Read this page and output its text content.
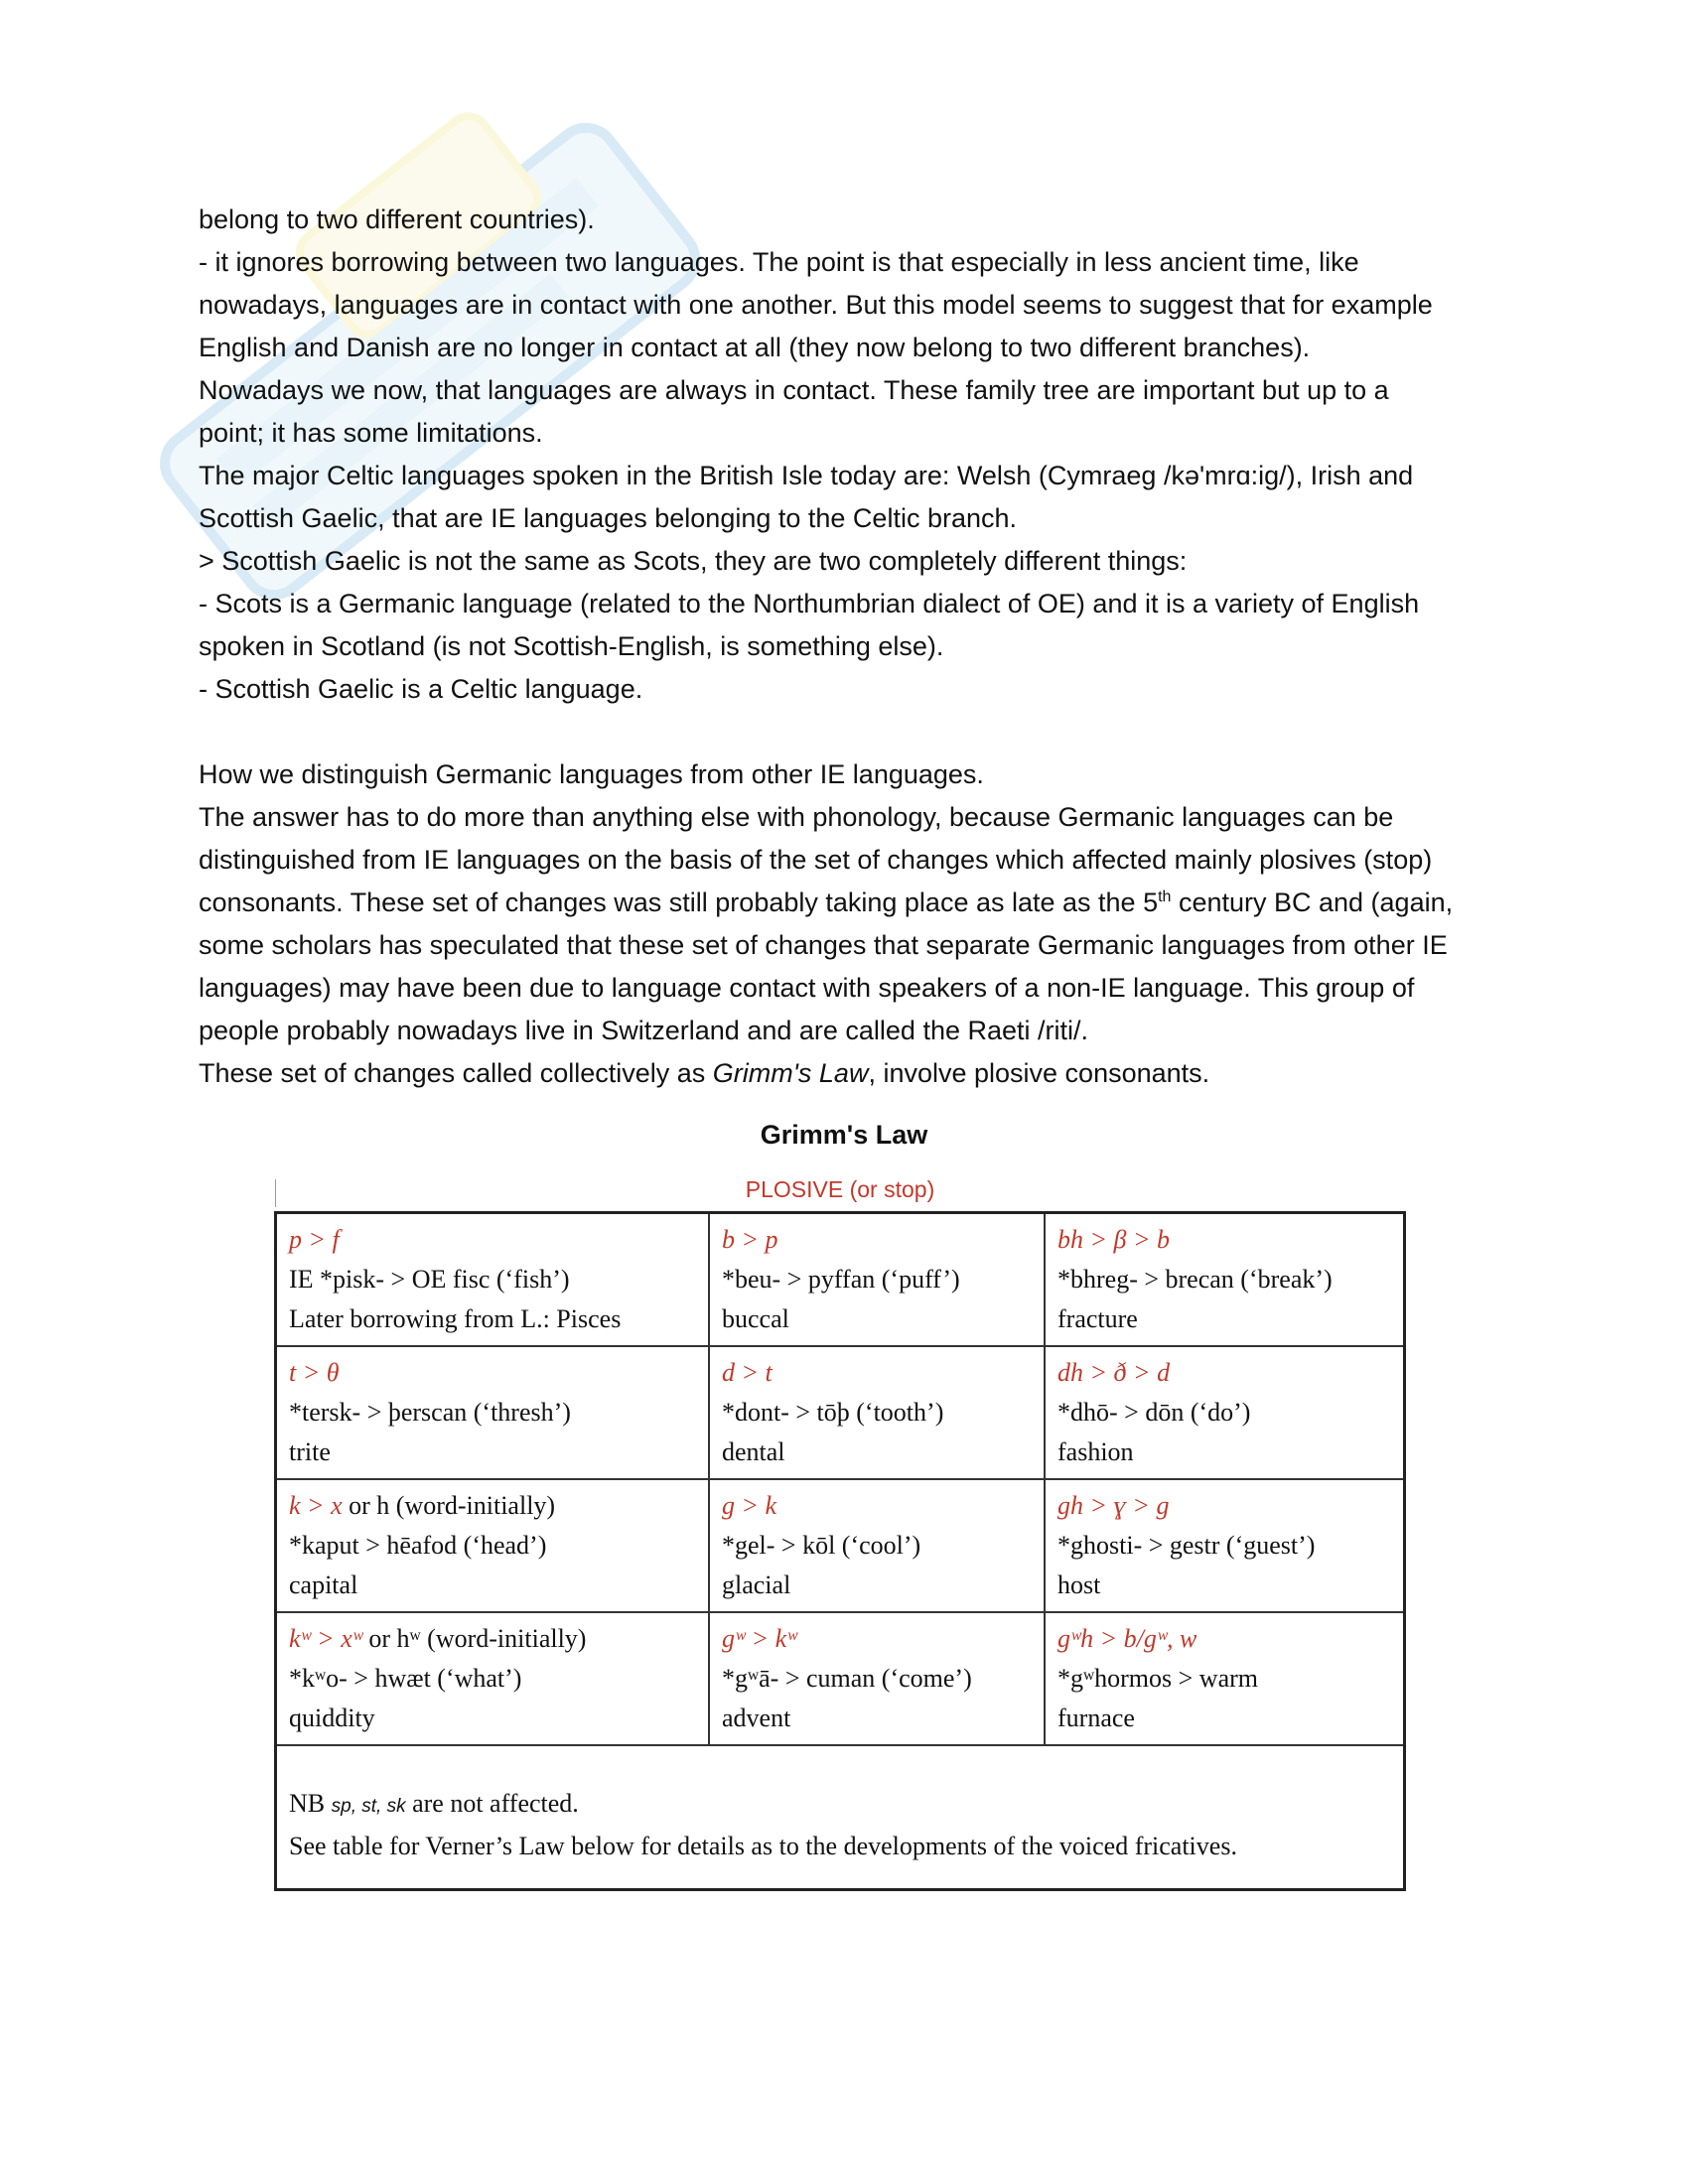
belong to two different countries).

- it ignores borrowing between two languages. The point is that especially in less ancient time, like

nowadays, languages are in contact with one another. But this model seems to suggest that for example

English and Danish are no longer in contact at all (they now belong to two different branches).

Nowadays we now, that languages are always in contact. These family tree are important but up to a

point; it has some limitations.

The major Celtic languages spoken in the British Isle today are: Welsh (Cymraeg /kə'mrɑ:ig/), Irish and

Scottish Gaelic, that are IE languages belonging to the Celtic branch.

> Scottish Gaelic is not the same as Scots, they are two completely different things:

- Scots is a Germanic language (related to the Northumbrian dialect of OE) and it is a variety of English

spoken in Scotland (is not Scottish-English, is something else).

- Scottish Gaelic is a Celtic language.

How we distinguish Germanic languages from other IE languages.

The answer has to do more than anything else with phonology, because Germanic languages can be

distinguished from IE languages on the basis of the set of changes which affected mainly plosives (stop)

consonants. These set of changes was still probably taking place as late as the 5th century BC and (again,

some scholars has speculated that these set of changes that separate Germanic languages from other IE

languages) may have been due to language contact with speakers of a non-IE language. This group of

people probably nowadays live in Switzerland and are called the Raeti /riti/.

These set of changes called collectively as Grimm's Law, involve plosive consonants.

Grimm's Law
PLOSIVE (or stop)
p > f
IE *pisk- > OE fisc (‘fish’)
Later borrowing from L.: Pisces	b > p
*beu- > pyffan (‘puff’)
buccal	bh > β > b
*bhreg- > brecan (‘break’)
fracture

t > θ
*tersk- > þerscan (‘thresh’)
trite	d > t
*dont- > tōþ (‘tooth’)
dental	dh > ð > d
*dhō- > dōn (‘do’)
fashion

k > x or h (word-initially)
*kaput > hēafod (‘head’)
capital	g > k
*gel- > kōl (‘cool’)
glacial	gh > ɣ > g
*ghosti- > gestr (‘guest’)
host

kʷ > xʷ or hʷ (word-initially)
*kʷo- > hwæt (‘what’)
quiddity	gʷ > kʷ
*gʷā- > cuman (‘come’)
advent	gʷh > b/gʷ, w
*gʷhormos > warm
furnace

NB sp, st, sk are not affected.
See table for Verner’s Law below for details as to the developments of the voiced fricatives.		
